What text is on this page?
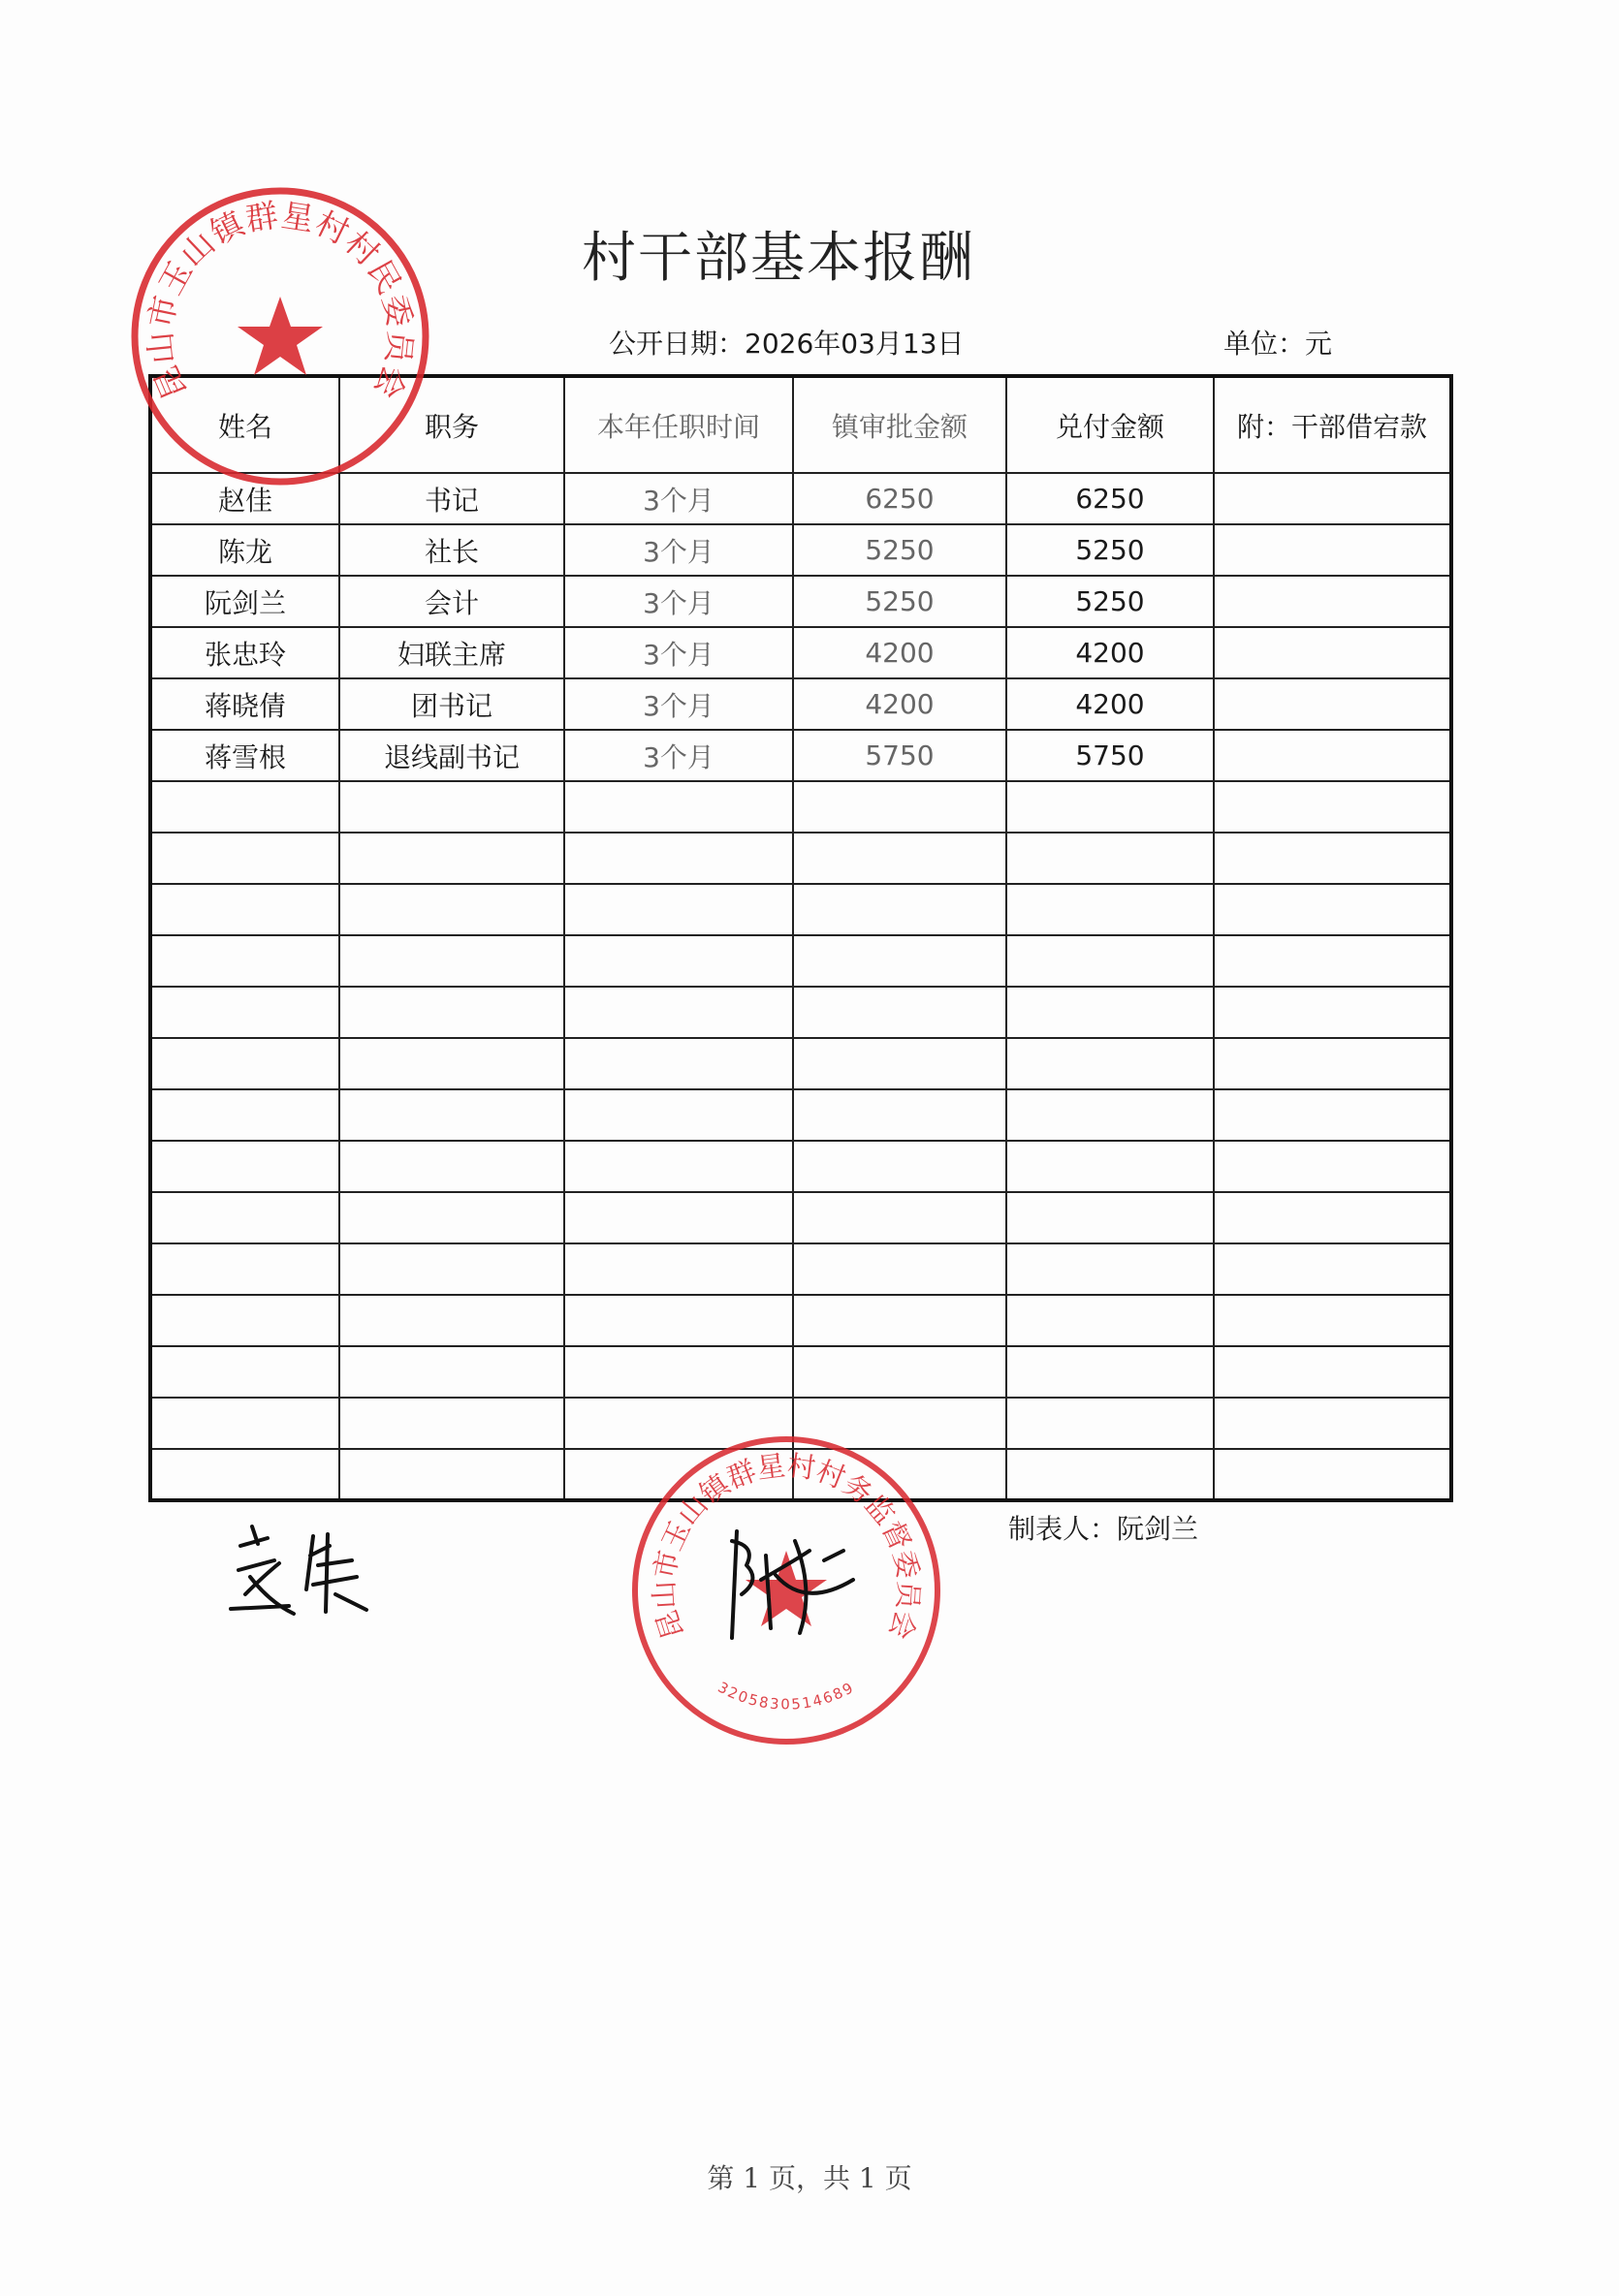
村干部基本报酬
公开日期：2026年03月13日	单位：元
姓名	职务	本年任职时间	镇审批金额	兑付金额	附：干部借宕款
赵佳	书记	3个月	6250	6250	
陈龙	社长	3个月	5250	5250	
阮剑兰	会计	3个月	5250	5250	
张忠玲	妇联主席	3个月	4200	4200	
蒋晓倩	团书记	3个月	4200	4200	
蒋雪根	退线副书记	3个月	5750	5750	

制表人：阮剑兰
第 1 页，共 1 页
昆山市玉山镇群星村村民委员会
昆山市玉山镇群星村村务监督委员会
3205830514689
